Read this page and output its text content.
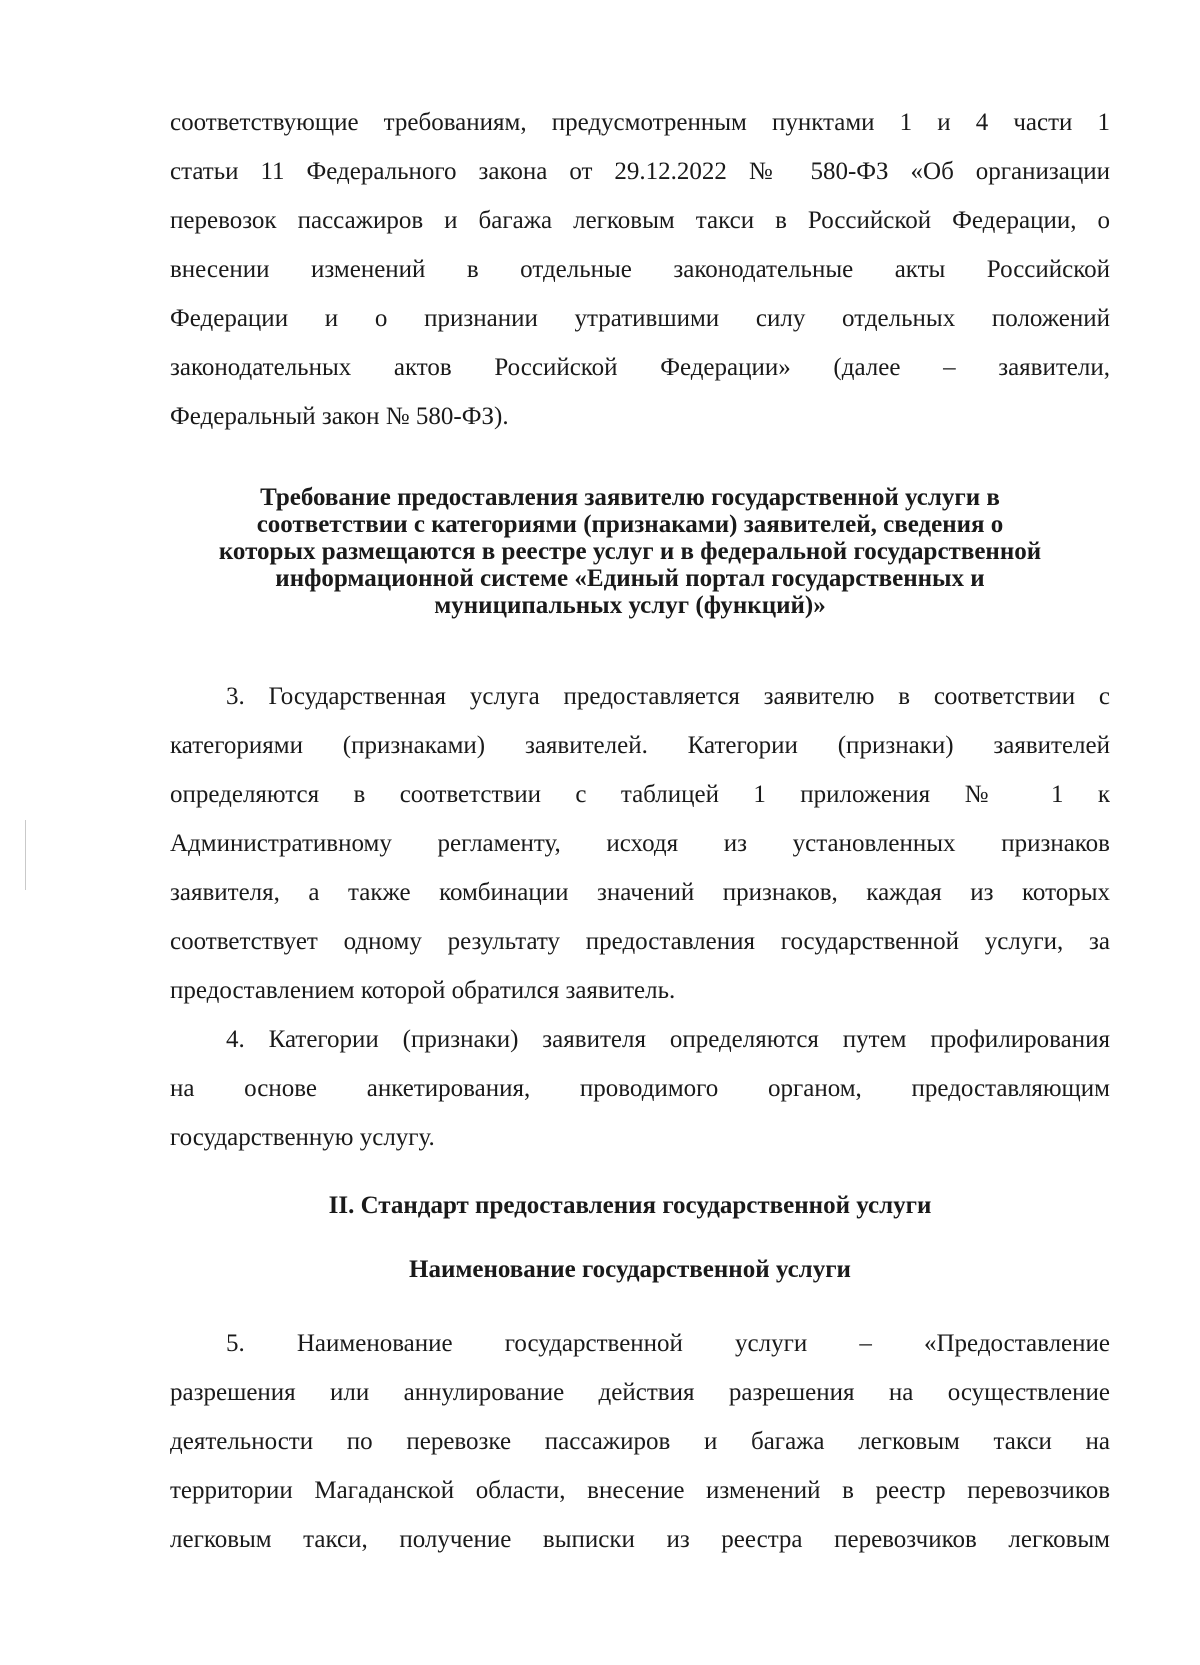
соответствующие требованиям, предусмотренным пунктами 1 и 4 части 1
статьи 11 Федерального закона от 29.12.2022 № 580-ФЗ «Об организации
перевозок пассажиров и багажа легковым такси в Российской Федерации, о
внесении изменений в отдельные законодательные акты Российской
Федерации и о признании утратившими силу отдельных положений
законодательных актов Российской Федерации» (далее – заявители,
Федеральный закон № 580-ФЗ).
Требование предоставления заявителю государственной услуги в
соответствии с категориями (признаками) заявителей, сведения о
которых размещаются в реестре услуг и в федеральной государственной
информационной системе «Единый портал государственных и
муниципальных услуг (функций)»
3. Государственная услуга предоставляется заявителю в соответствии с
категориями (признаками) заявителей. Категории (признаки) заявителей
определяются в соответствии с таблицей 1 приложения № 1 к
Административному регламенту, исходя из установленных признаков
заявителя, а также комбинации значений признаков, каждая из которых
соответствует одному результату предоставления государственной услуги, за
предоставлением которой обратился заявитель.
4. Категории (признаки) заявителя определяются путем профилирования
на основе анкетирования, проводимого органом, предоставляющим
государственную услугу.
II. Стандарт предоставления государственной услуги
Наименование государственной услуги
5. Наименование государственной услуги – «Предоставление
разрешения или аннулирование действия разрешения на осуществление
деятельности по перевозке пассажиров и багажа легковым такси на
территории Магаданской области, внесение изменений в реестр перевозчиков
легковым такси, получение выписки из реестра перевозчиков легковым
